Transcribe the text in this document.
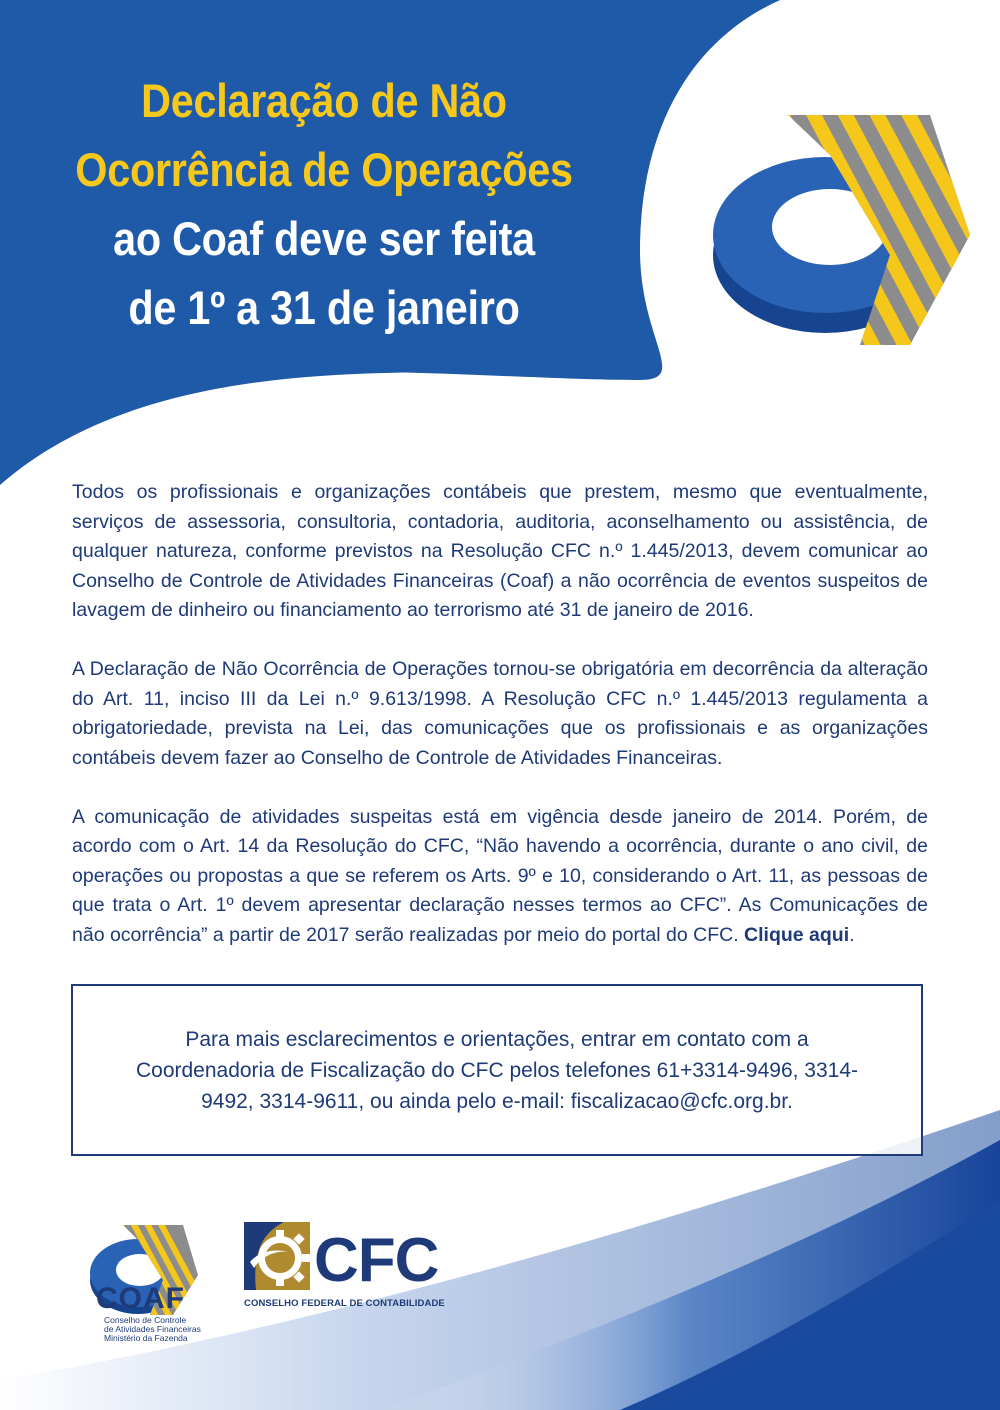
Declaração de Não
Ocorrência de Operações
ao Coaf deve ser feita
de 1º a 31 de janeiro

Todos os profissionais e organizações contábeis que prestem, mesmo que eventualmente, serviços de assessoria, consultoria, contadoria, auditoria, aconselhamento ou assistência, de qualquer natureza, conforme previstos na Resolução CFC n.º 1.445/2013, devem comunicar ao Conselho de Controle de Atividades Financeiras (Coaf) a não ocorrência de eventos suspeitos de lavagem de dinheiro ou financiamento ao terrorismo até 31 de janeiro de 2016.

A Declaração de Não Ocorrência de Operações tornou-se obrigatória em decorrência da alteração do Art. 11, inciso III da Lei n.º 9.613/1998. A Resolução CFC n.º 1.445/2013 regulamenta a obrigatoriedade, prevista na Lei, das comunicações que os profissionais e as organizações contábeis devem fazer ao Conselho de Controle de Atividades Financeiras.

A comunicação de atividades suspeitas está em vigência desde janeiro de 2014. Porém, de acordo com o Art. 14 da Resolução do CFC, “Não havendo a ocorrência, durante o ano civil, de operações ou propostas a que se referem os Arts. 9º e 10, considerando o Art. 11, as pessoas de que trata o Art. 1º devem apresentar declaração nesses termos ao CFC”. As Comunicações de não ocorrência” a partir de 2017 serão realizadas por meio do portal do CFC. Clique aqui.

Para mais esclarecimentos e orientações, entrar em contato com a Coordenadoria de Fiscalização do CFC pelos telefones 61+3314-9496, 3314-9492, 3314-9611, ou ainda pelo e-mail: fiscalizacao@cfc.org.br.
COAF
Conselho de Controle
de Atividades Financeiras
Ministério da Fazenda
CFC
CONSELHO FEDERAL DE CONTABILIDADE
